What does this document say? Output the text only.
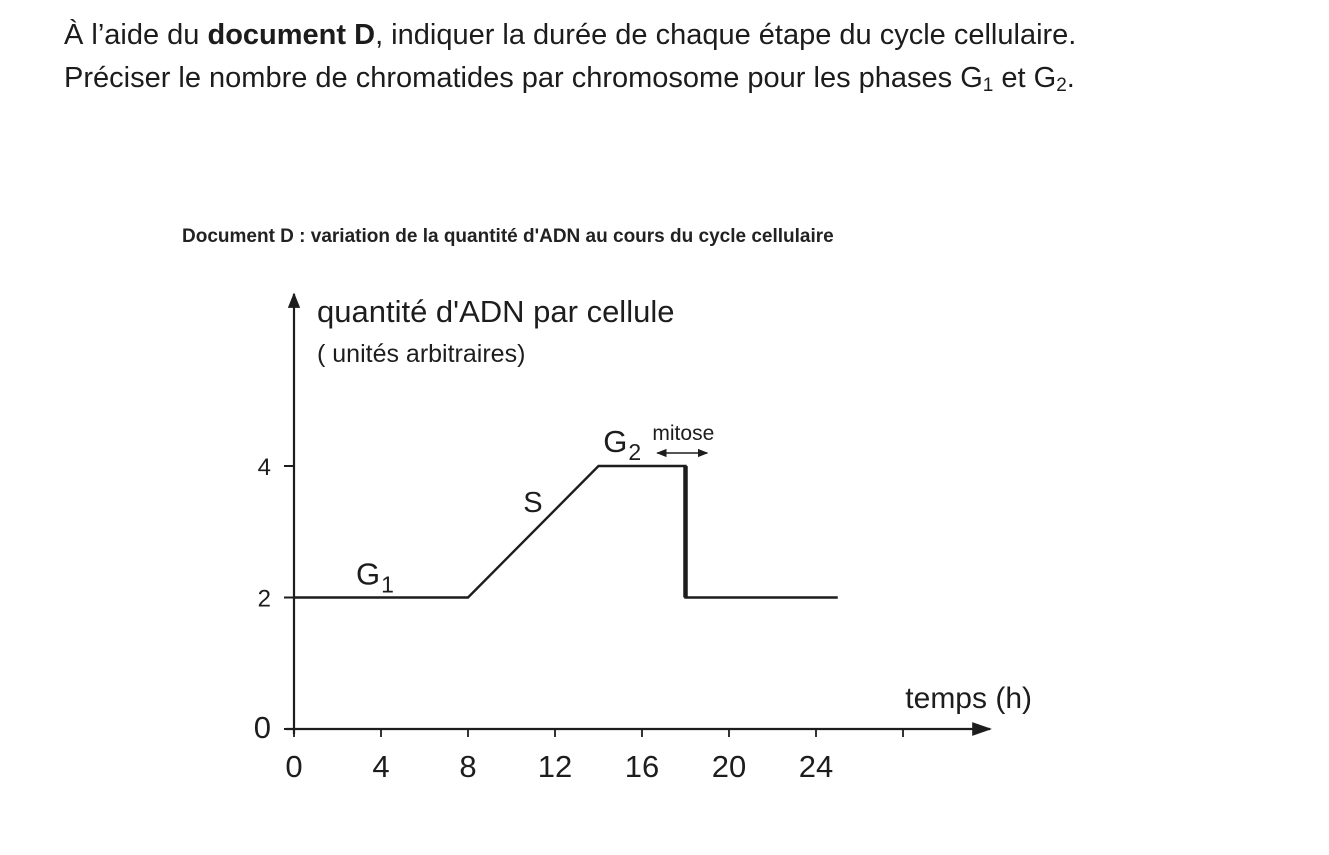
À l’aide du document D, indiquer la durée de chaque étape du cycle cellulaire.

Préciser le nombre de chromatides par chromosome pour les phases $G_1$ et $G_2$.

Document D : variation de la quantité d'ADN au cours du cycle cellulaire
0
2
4
0 4 8 12 16 20 24
quantité d'ADN par cellule
( unités arbitraires)
temps (h)
$G_1$
S
$G_2$
mitose
